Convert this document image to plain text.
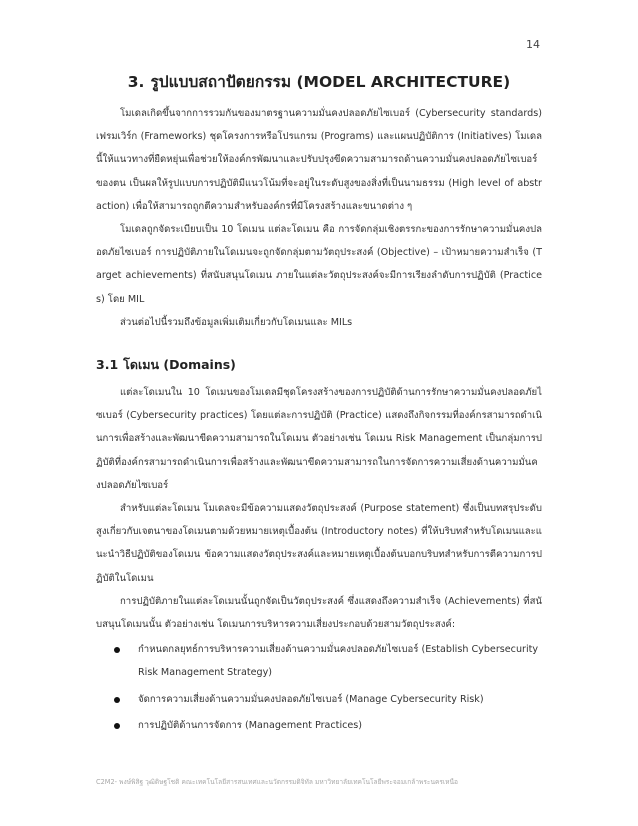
14
3. รูปแบบสถาปัตยกรรม (MODEL ARCHITECTURE)

โมเดลเกิดขึ้นจากการรวมกันของมาตรฐานความมั่นคงปลอดภัยไซเบอร์ (Cybersecurity standards) เฟรมเวิร์ก (Frameworks) ชุดโครงการหรือโปรแกรม (Programs) และแผนปฏิบัติการ (Initiatives) โมเดลนี้ให้แนวทางที่ยืดหยุ่นเพื่อช่วยให้องค์กรพัฒนาและปรับปรุงขีดความสามารถด้านความมั่นคงปลอดภัยไซเบอร์ของตน เป็นผลให้รูปแบบการปฏิบัติมีแนวโน้มที่จะอยู่ในระดับสูงของสิ่งที่เป็นนามธรรม (High level of abstraction) เพื่อให้สามารถถูกตีความสำหรับองค์กรที่มีโครงสร้างและขนาดต่าง ๆ

โมเดลถูกจัดระเบียบเป็น 10 โดเมน แต่ละโดเมน คือ การจัดกลุ่มเชิงตรรกะของการรักษาความมั่นคงปลอดภัยไซเบอร์ การปฏิบัติภายในโดเมนจะถูกจัดกลุ่มตามวัตถุประสงค์ (Objective) – เป้าหมายความสำเร็จ (Target achievements) ที่สนับสนุนโดเมน ภายในแต่ละวัตถุประสงค์จะมีการเรียงลำดับการปฏิบัติ (Practices) โดย MIL

ส่วนต่อไปนี้รวมถึงข้อมูลเพิ่มเติมเกี่ยวกับโดเมนและ MILs

3.1 โดเมน (Domains)

แต่ละโดเมนใน 10 โดเมนของโมเดลมีชุดโครงสร้างของการปฏิบัติด้านการรักษาความมั่นคงปลอดภัยไซเบอร์ (Cybersecurity practices) โดยแต่ละการปฏิบัติ (Practice) แสดงถึงกิจกรรมที่องค์กรสามารถดำเนินการเพื่อสร้างและพัฒนาขีดความสามารถในโดเมน ตัวอย่างเช่น โดเมน Risk Management เป็นกลุ่มการปฏิบัติที่องค์กรสามารถดำเนินการเพื่อสร้างและพัฒนาขีดความสามารถในการจัดการความเสี่ยงด้านความมั่นคงปลอดภัยไซเบอร์

สำหรับแต่ละโดเมน โมเดลจะมีข้อความแสดงวัตถุประสงค์ (Purpose statement) ซึ่งเป็นบทสรุประดับสูงเกี่ยวกับเจตนาของโดเมนตามด้วยหมายเหตุเบื้องต้น (Introductory notes) ที่ให้บริบทสำหรับโดเมนและแนะนำวิธีปฏิบัติของโดเมน ข้อความแสดงวัตถุประสงค์และหมายเหตุเบื้องต้นบอกบริบทสำหรับการตีความการปฏิบัติในโดเมน

การปฏิบัติภายในแต่ละโดเมนนั้นถูกจัดเป็นวัตถุประสงค์ ซึ่งแสดงถึงความสำเร็จ (Achievements) ที่สนับสนุนโดเมนนั้น ตัวอย่างเช่น โดเมนการบริหารความเสี่ยงประกอบด้วยสามวัตถุประสงค์:

กำหนดกลยุทธ์การบริหารความเสี่ยงด้านความมั่นคงปลอดภัยไซเบอร์ (Establish Cybersecurity Risk Management Strategy)
จัดการความเสี่ยงด้านความมั่นคงปลอดภัยไซเบอร์ (Manage Cybersecurity Risk)
การปฏิบัติด้านการจัดการ (Management Practices)
C2M2- พงษ์พิสิฐ วุฒิดิษฐโชติ คณะเทคโนโลยีสารสนเทศและนวัตกรรมดิจิทัล มหาวิทยาลัยเทคโนโลยีพระจอมเกล้าพระนครเหนือ
